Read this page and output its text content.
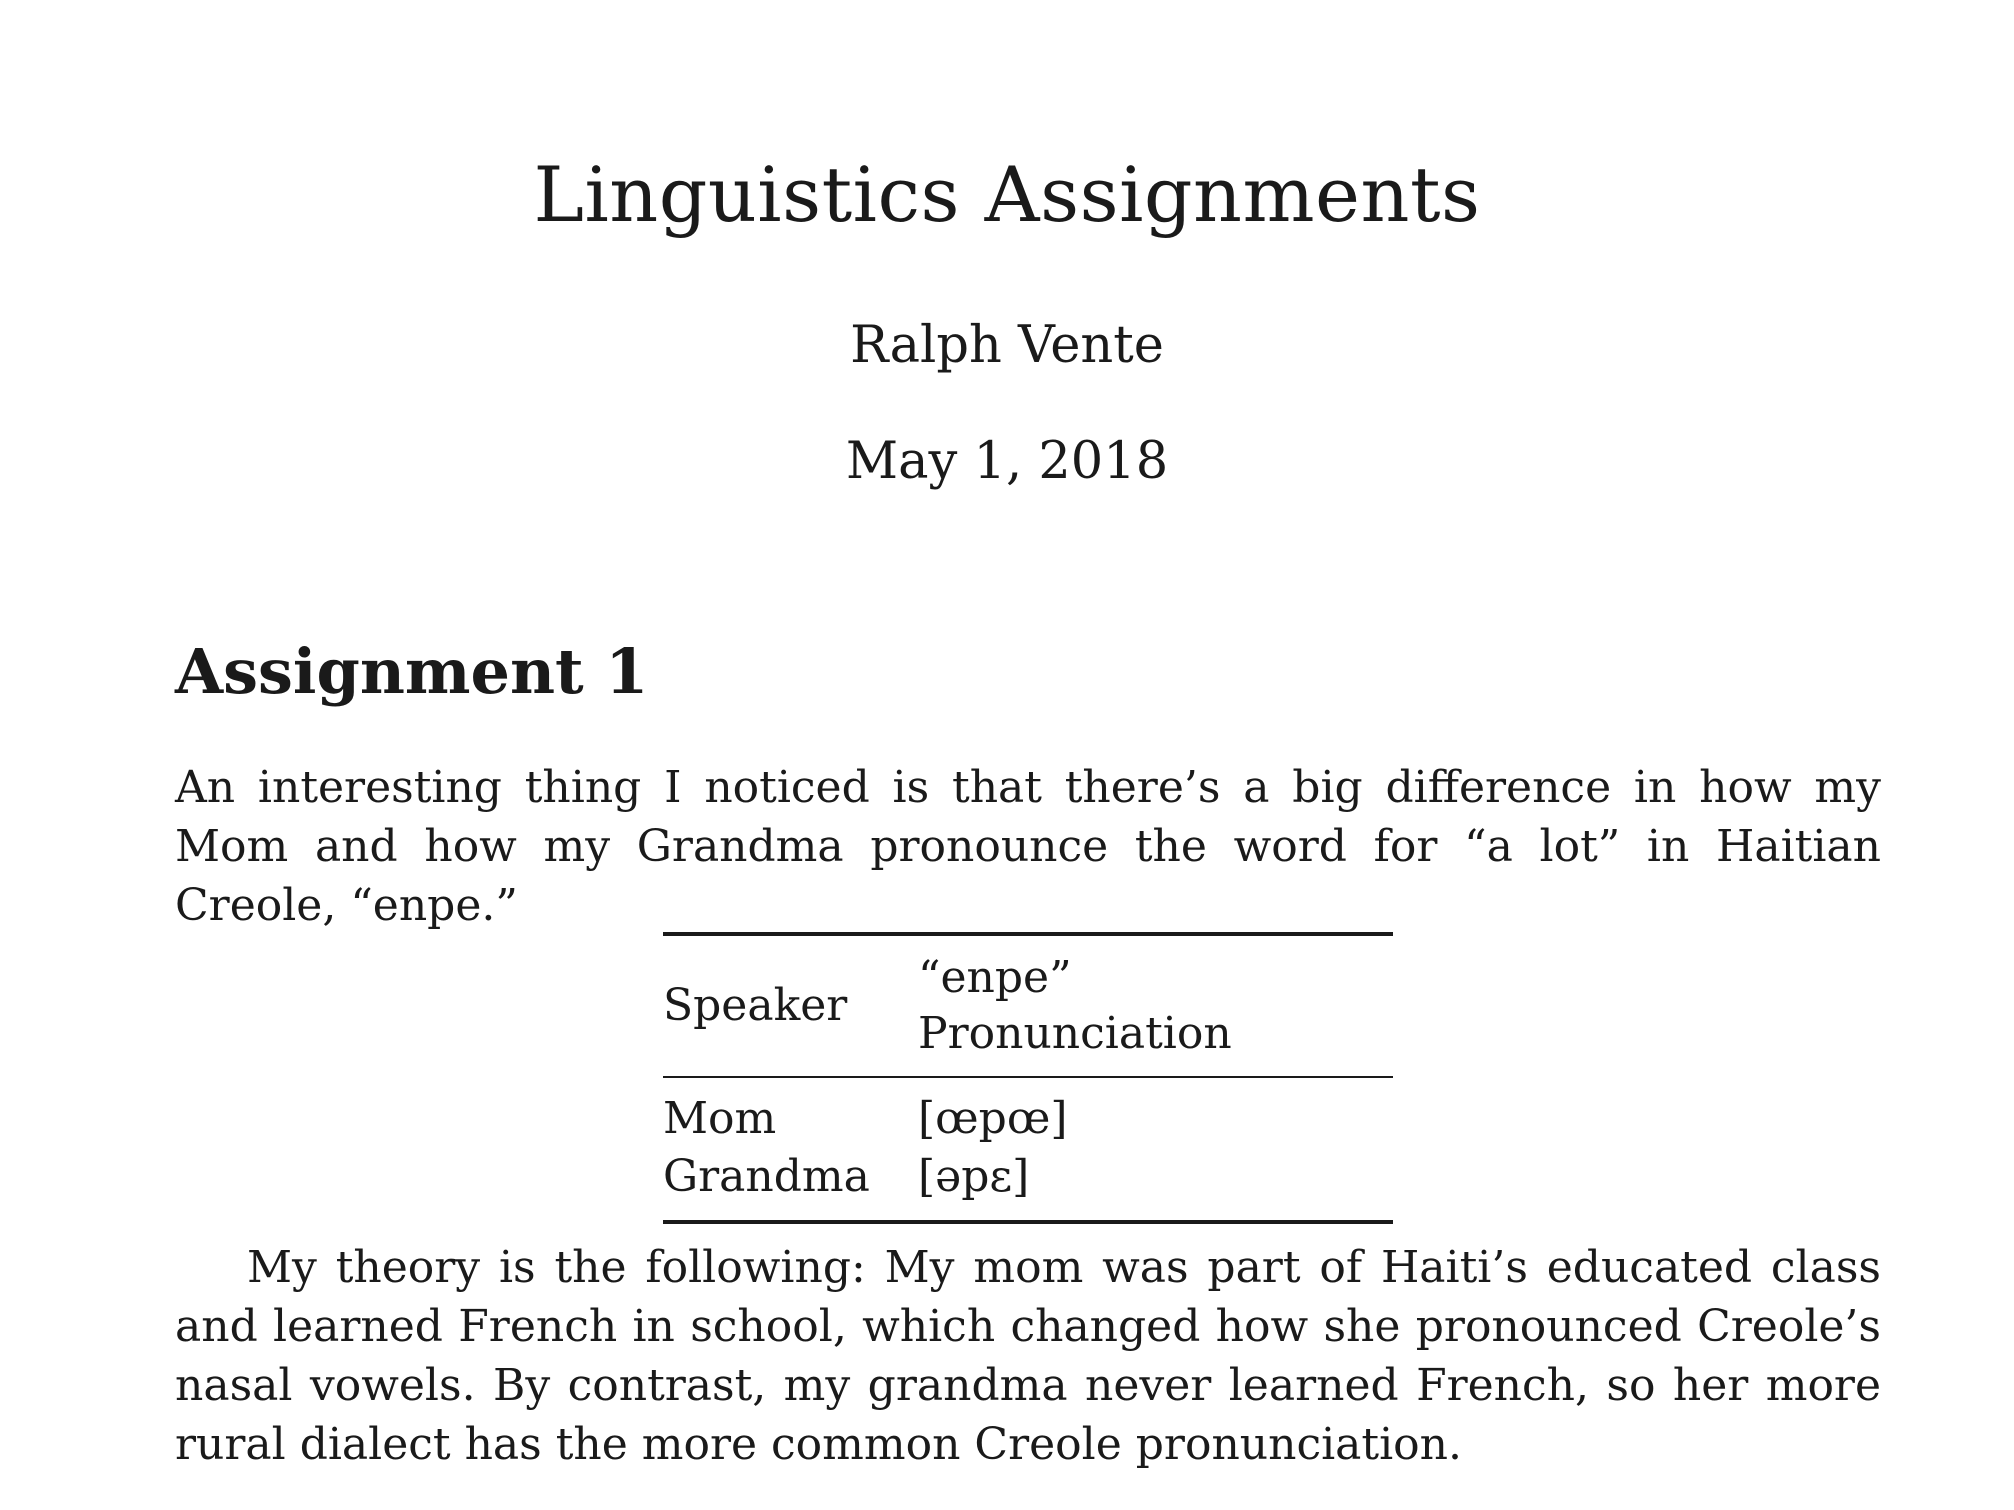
Linguistics Assignments
Ralph Vente
May 1, 2018
Assignment 1

An interesting thing I noticed is that there’s a big difference in how my Mom and how my Grandma pronounce the word for “a lot” in Haitian Creole, “enpe.”

Speaker	“enpe” Pronunciation
Mom	[œpœ]
Grandma	[əpɛ]

My theory is the following: My mom was part of Haiti’s educated class and learned French in school, which changed how she pronounced Creole’s nasal vowels. By contrast, my grandma never learned French, so her more rural dialect has the more common Creole pronunciation.
